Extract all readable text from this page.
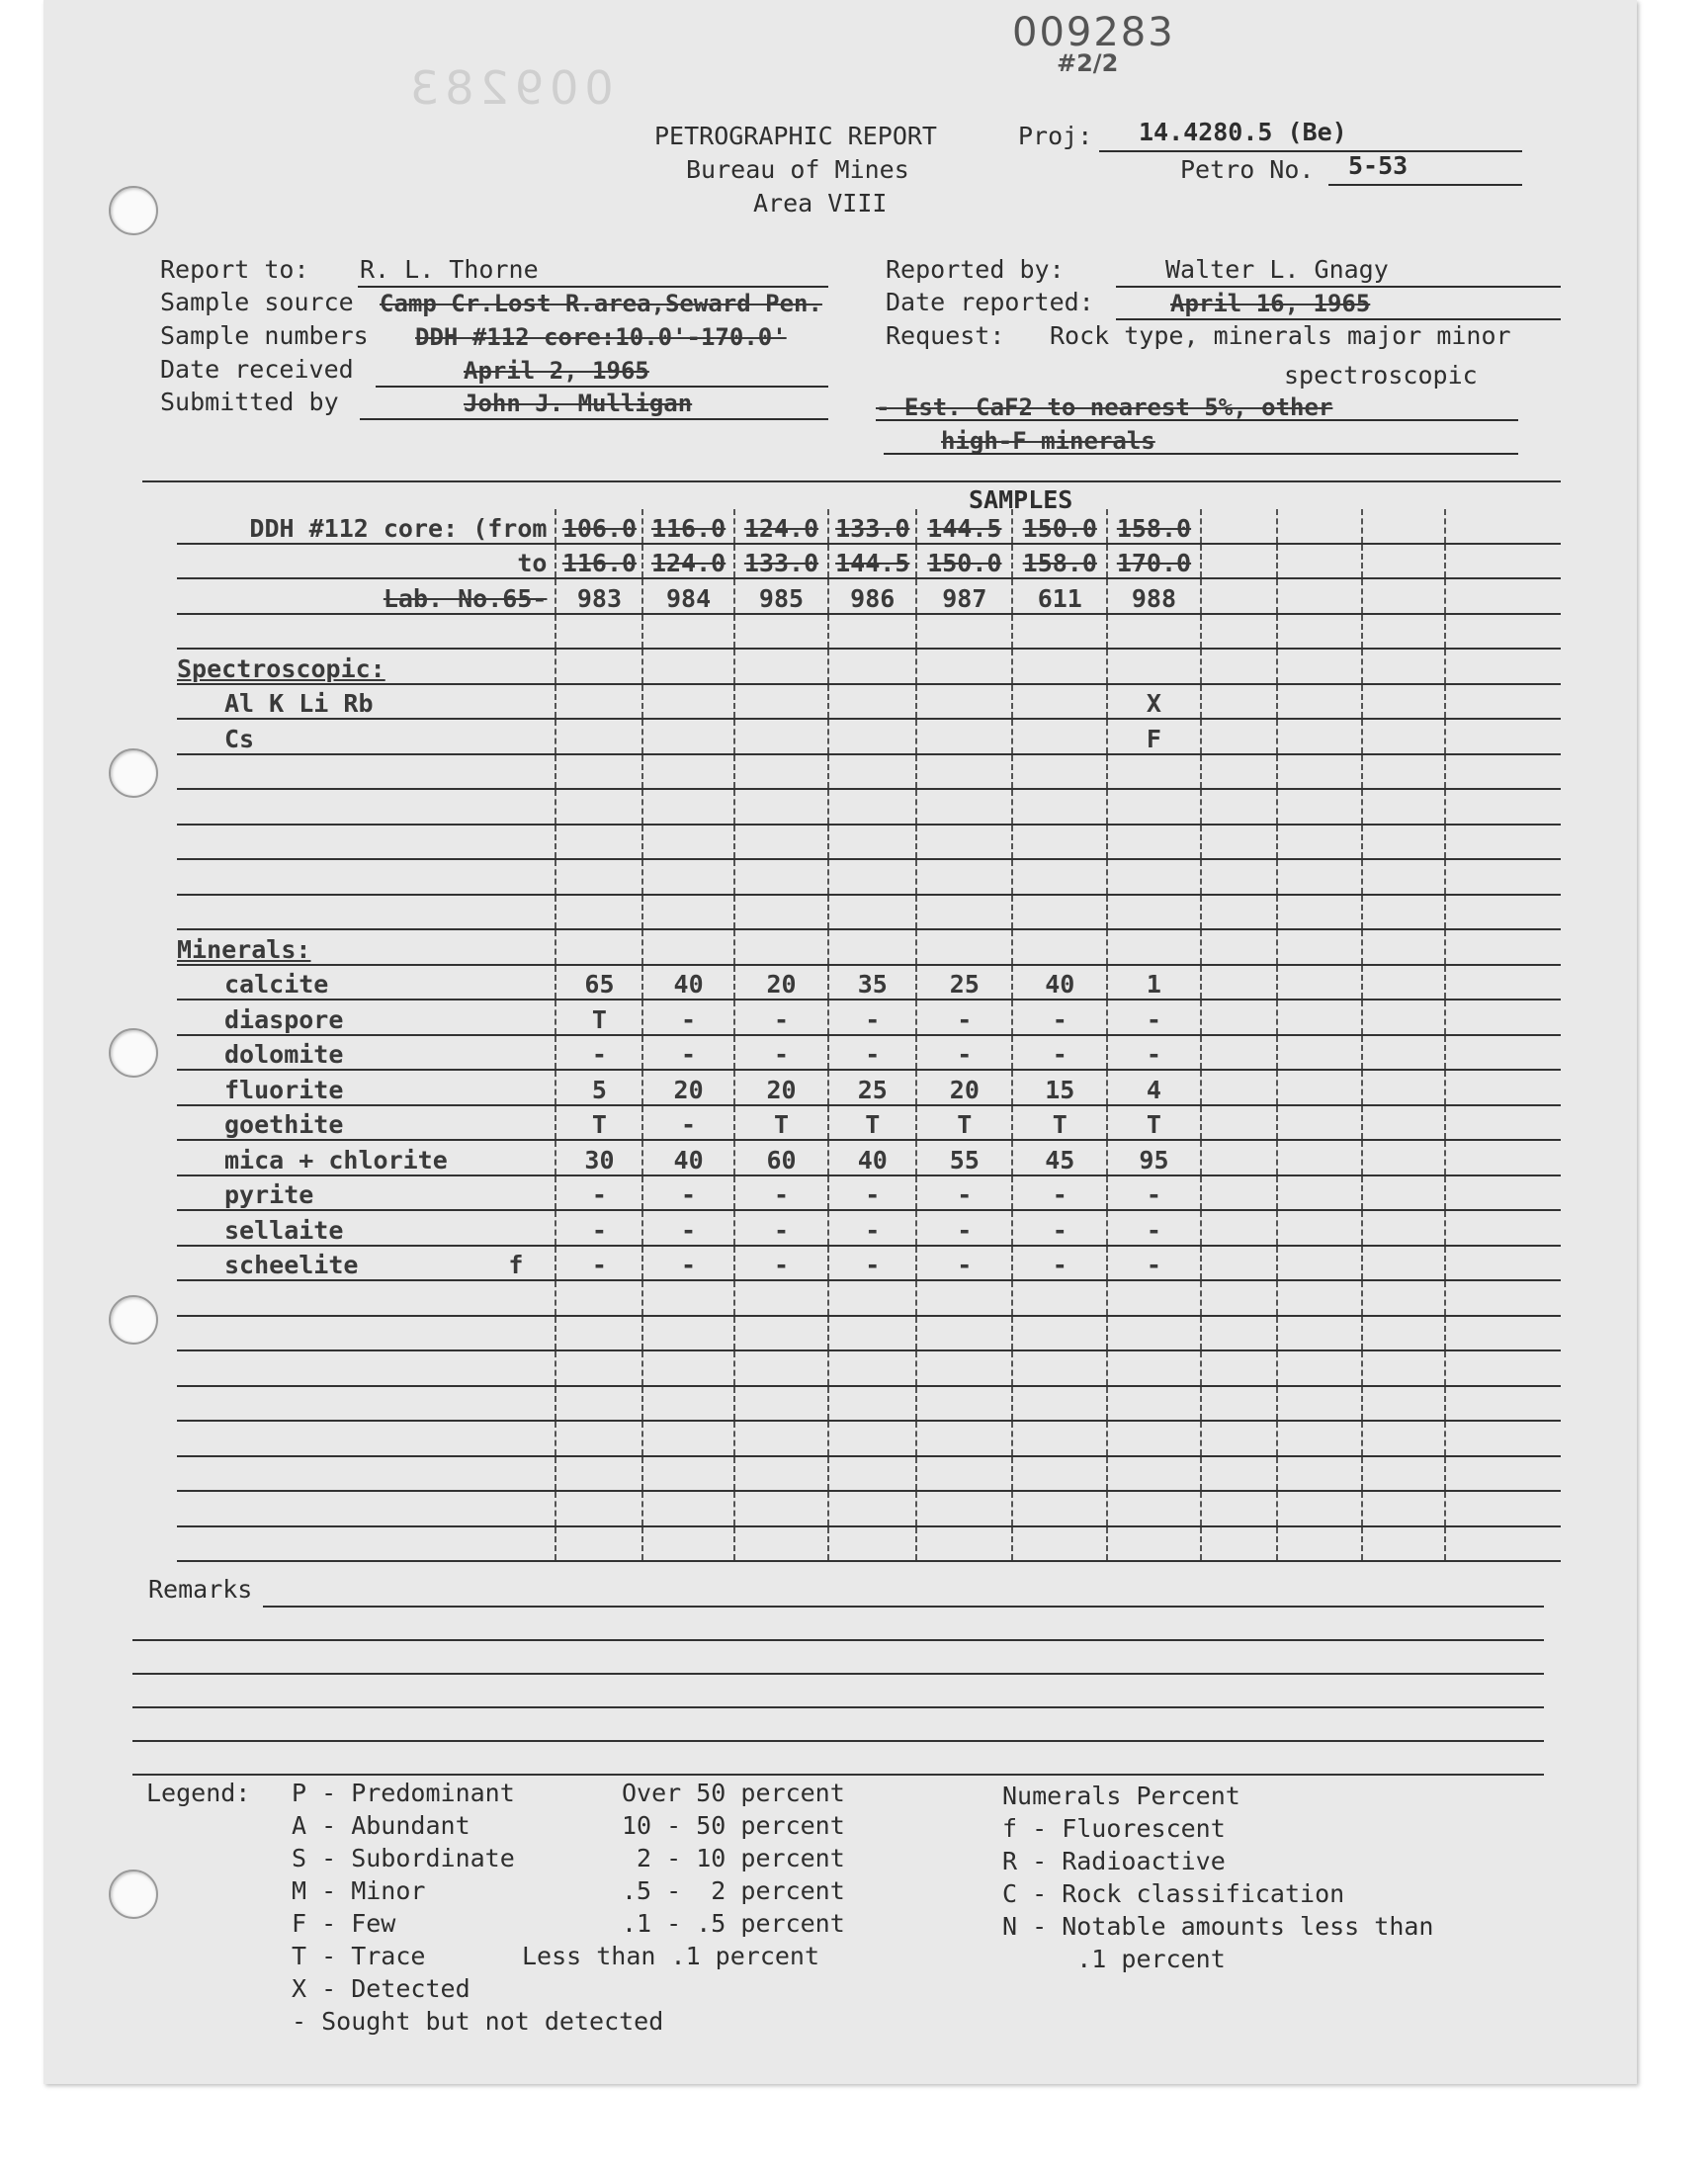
009283
009283
#2/2
PETROGRAPHIC REPORT
Bureau of Mines
Area VIII
Proj: 14.4280.5 (Be)
Petro No. 5-53
Report to: R. L. Thorne
Sample source Camp Cr.Lost R.area,Seward Pen.
Sample numbers DDH #112 core:10.0'-170.0'
Date received	April 2, 1965
Submitted by	John J. Mulligan
Reported by:	Walter L. Gnagy
Date reported:	April 16, 1965
Request: Rock type, minerals major minor
spectroscopic
- Est. CaF2 to nearest 5%, other
high-F minerals
SAMPLES
DDH #112 core: (from	106.0	116.0	124.0	133.0	144.5	150.0	158.0				
to	116.0	124.0	133.0	144.5	150.0	158.0	170.0				
Lab. No.65-	983	984	985	986	987	611	988				

Spectroscopic:											
Al K Li Rb							X				
Cs							F				

Minerals:											
calcite	65	40	20	35	25	40	1				
diaspore	T	-	-	-	-	-	-				
dolomite	-	-	-	-	-	-	-				
fluorite	5	20	20	25	20	15	4				
goethite	T	-	T	T	T	T	T				
mica + chlorite	30	40	60	40	55	45	95				
pyrite	-	-	-	-	-	-	-				
sellaite	-	-	-	-	-	-	-				
scheelite f	-	-	-	-	-	-	-				

Remarks
Legend: P - Predominant	Over 50 percent
A - Abundant	10 - 50 percent
S - Subordinate	2 - 10 percent
M - Minor	.5 -  2 percent
F - Few	.1 - .5 percent
T - Trace	Less than .1 percent
X - Detected
- Sought but not detected
Numerals Percent
f - Fluorescent
R - Radioactive
C - Rock classification
N - Notable amounts less than
.1 percent
